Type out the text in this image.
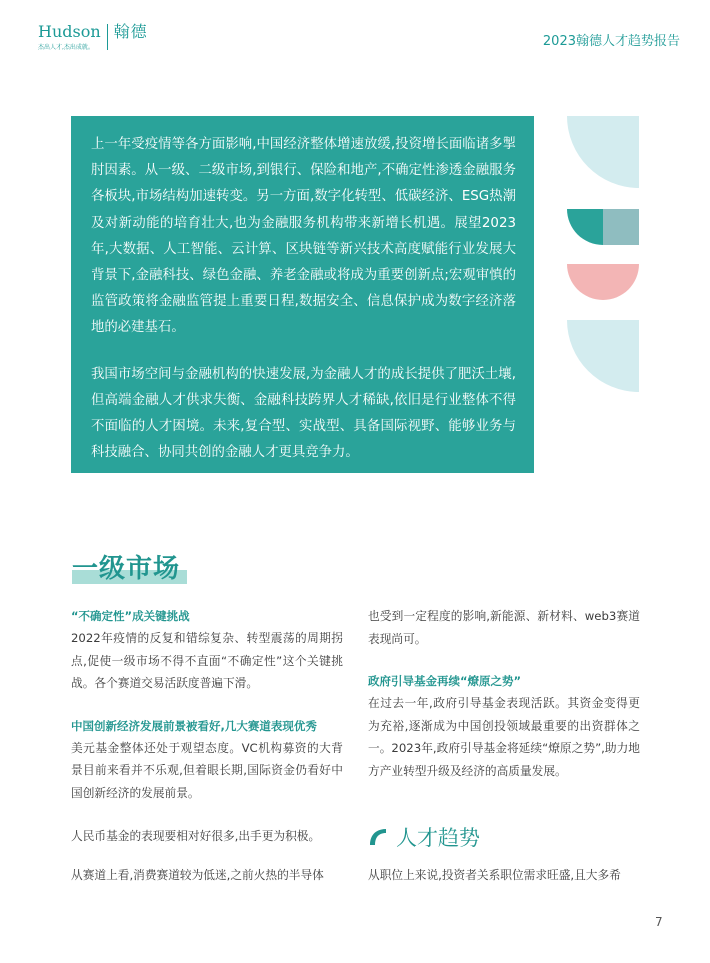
Hudson 翰德
杰出人才,杰出成就。	2023翰德人才趋势报告

上一年受疫情等各方面影响,中国经济整体增速放缓,投资增长面临诸多掣肘因素。从一级、二级市场,到银行、保险和地产,不确定性渗透金融服务各板块,市场结构加速转变。另一方面,数字化转型、低碳经济、ESG热潮及对新动能的培育壮大,也为金融服务机构带来新增长机遇。展望2023年,大数据、人工智能、云计算、区块链等新兴技术高度赋能行业发展大背景下,金融科技、绿色金融、养老金融或将成为重要创新点;宏观审慎的监管政策将金融监管提上重要日程,数据安全、信息保护成为数字经济落地的必建基石。

我国市场空间与金融机构的快速发展,为金融人才的成长提供了肥沃土壤,但高端金融人才供求失衡、金融科技跨界人才稀缺,依旧是行业整体不得不面临的人才困境。未来,复合型、实战型、具备国际视野、能够业务与科技融合、协同共创的金融人才更具竞争力。

一级市场
“不确定性”成关键挑战

2022年疫情的反复和错综复杂、转型震荡的周期拐点,促使一级市场不得不直面“不确定性”这个关键挑战。各个赛道交易活跃度普遍下滑。

中国创新经济发展前景被看好,几大赛道表现优秀

美元基金整体还处于观望态度。VC机构募资的大背景目前来看并不乐观,但着眼长期,国际资金仍看好中国创新经济的发展前景。

人民币基金的表现要相对好很多,出手更为积极。

从赛道上看,消费赛道较为低迷,之前火热的半导体

也受到一定程度的影响,新能源、新材料、web3赛道表现尚可。

政府引导基金再续“燎原之势”

在过去一年,政府引导基金表现活跃。其资金变得更为充裕,逐渐成为中国创投领域最重要的出资群体之一。2023年,政府引导基金将延续“燎原之势”,助力地方产业转型升级及经济的高质量发展。

人才趋势

从职位上来说,投资者关系职位需求旺盛,且大多希

7
